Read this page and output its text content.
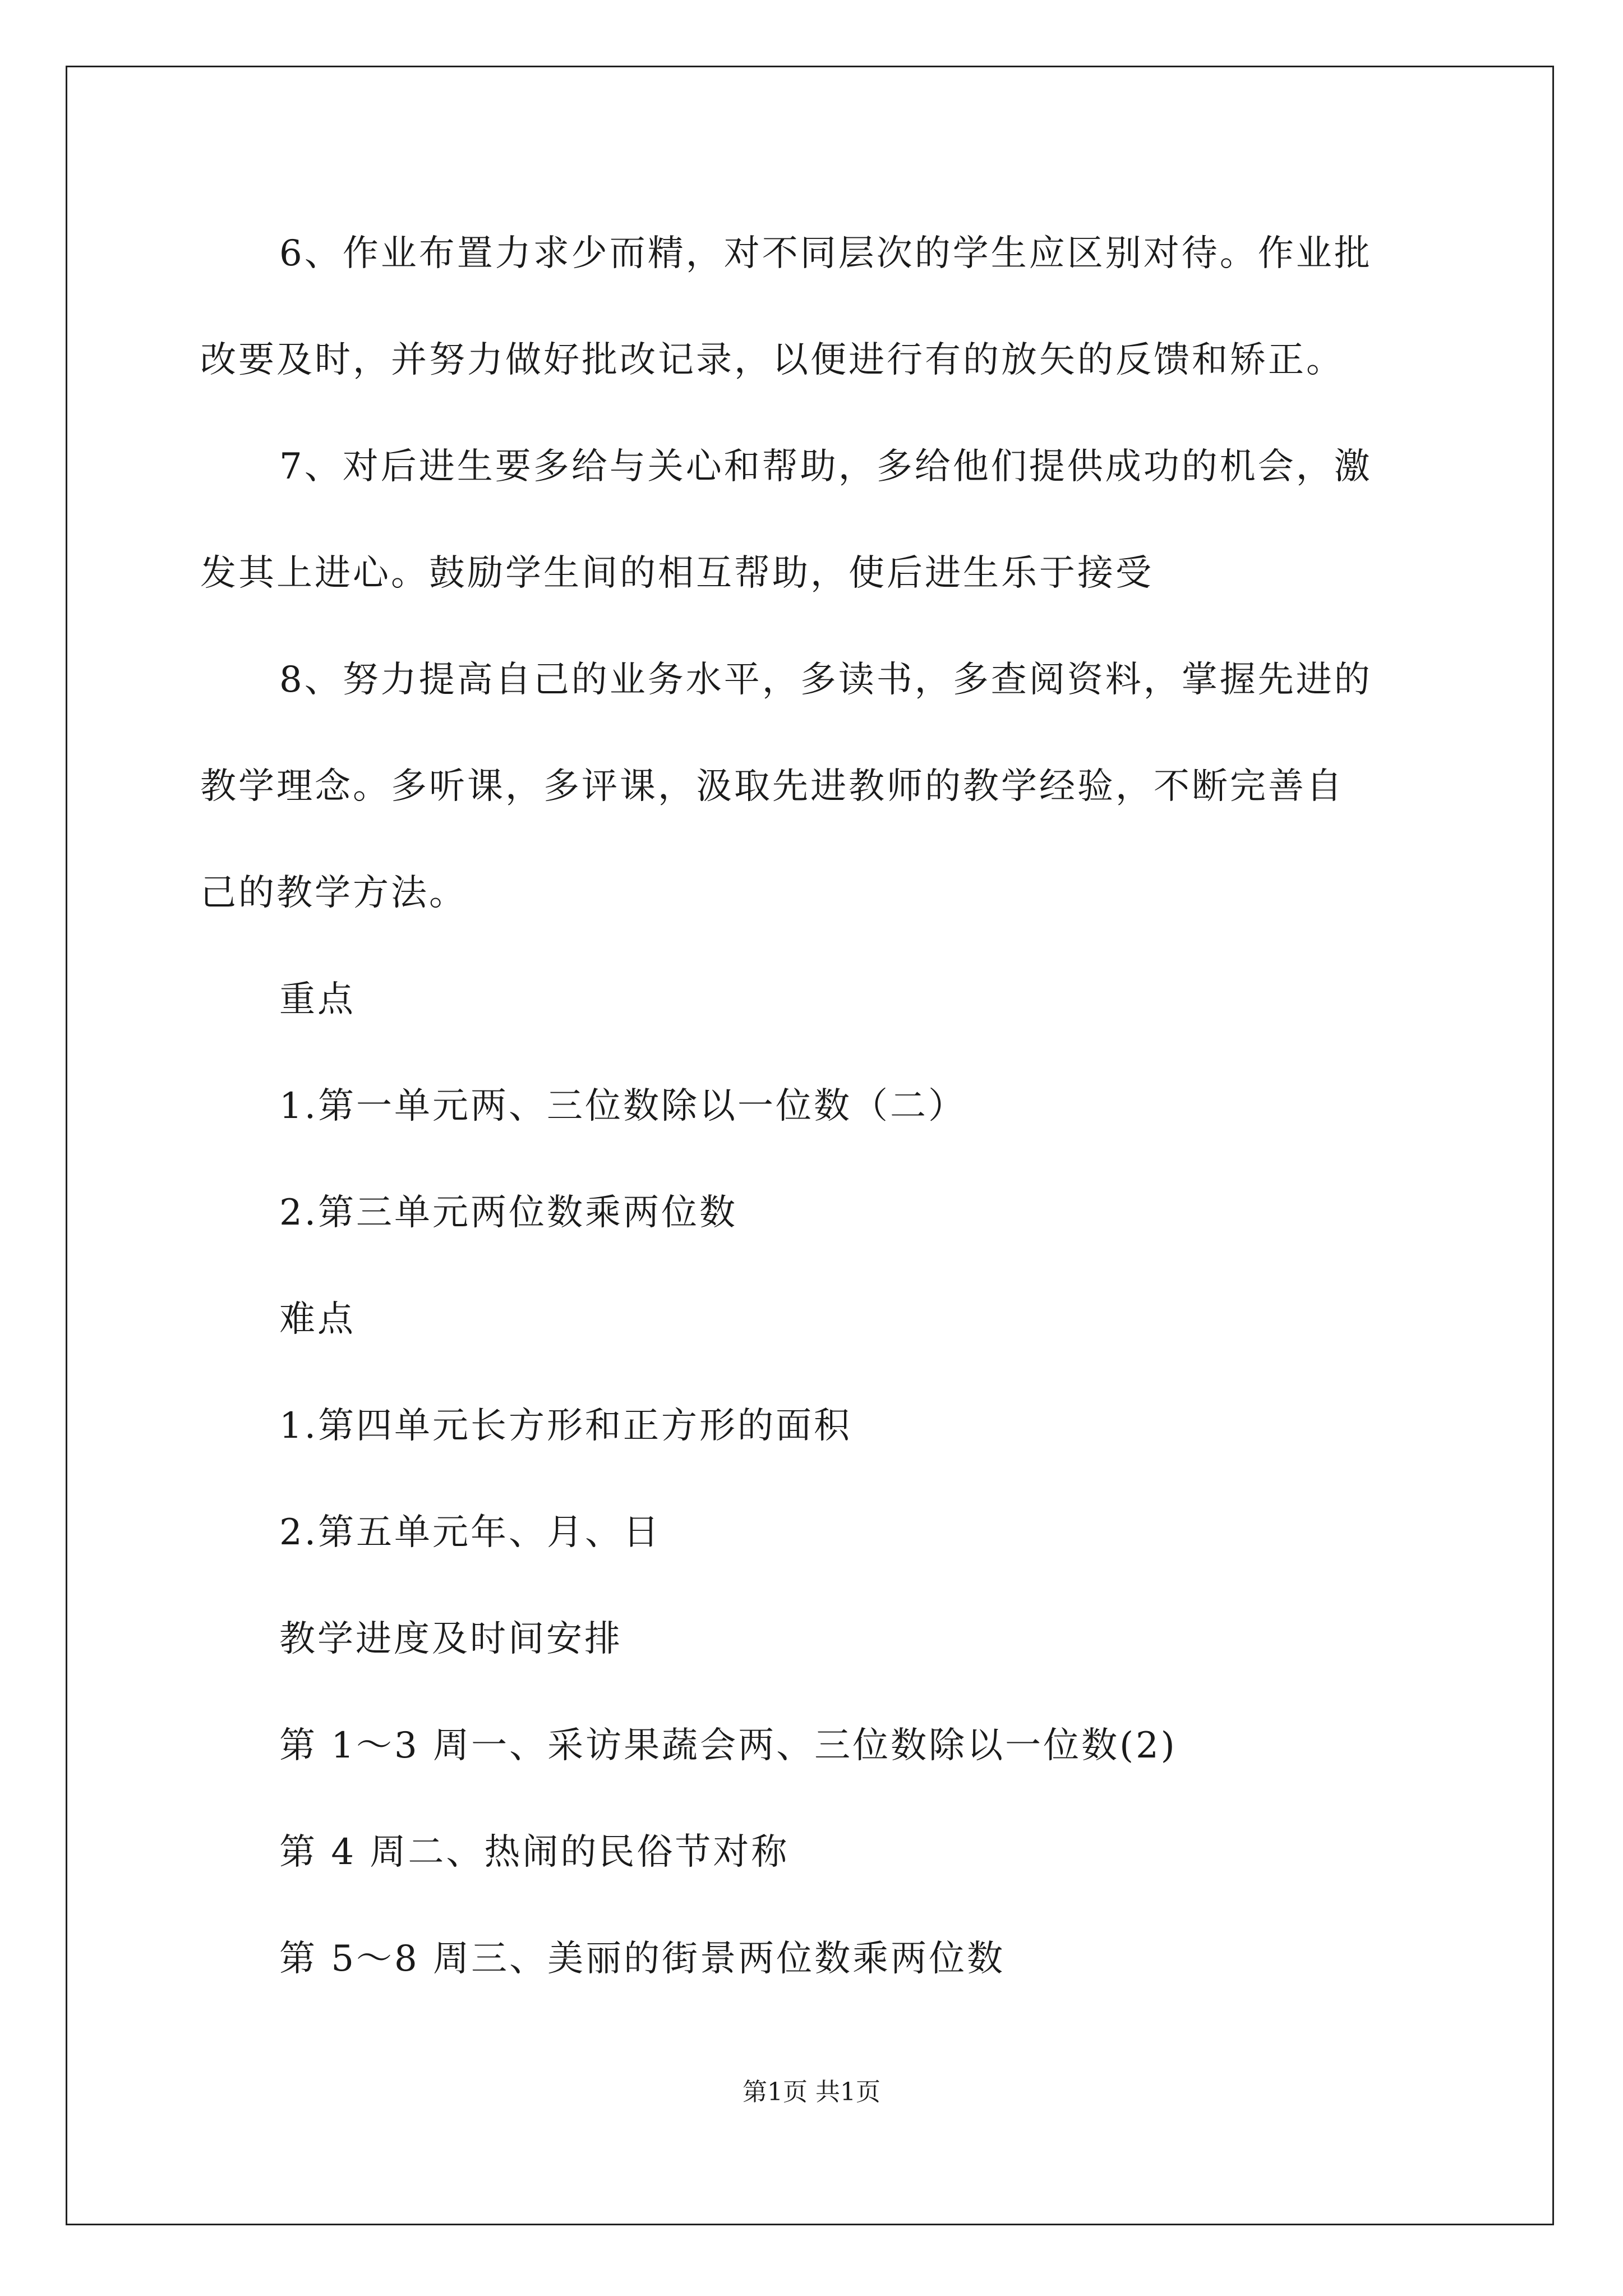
6、作业布置力求少而精，对不同层次的学生应区别对待。作业批
改要及时，并努力做好批改记录，以便进行有的放矢的反馈和矫正。
7、对后进生要多给与关心和帮助，多给他们提供成功的机会，激
发其上进心。鼓励学生间的相互帮助，使后进生乐于接受
8、努力提高自己的业务水平，多读书，多查阅资料，掌握先进的
教学理念。多听课，多评课，汲取先进教师的教学经验，不断完善自
己的教学方法。
重点
1.第一单元两、三位数除以一位数（二）
2.第三单元两位数乘两位数
难点
1.第四单元长方形和正方形的面积
2.第五单元年、月、日
教学进度及时间安排
第 1～3 周一、采访果蔬会两、三位数除以一位数(2)
第 4 周二、热闹的民俗节对称
第 5～8 周三、美丽的街景两位数乘两位数
第1页 共1页
